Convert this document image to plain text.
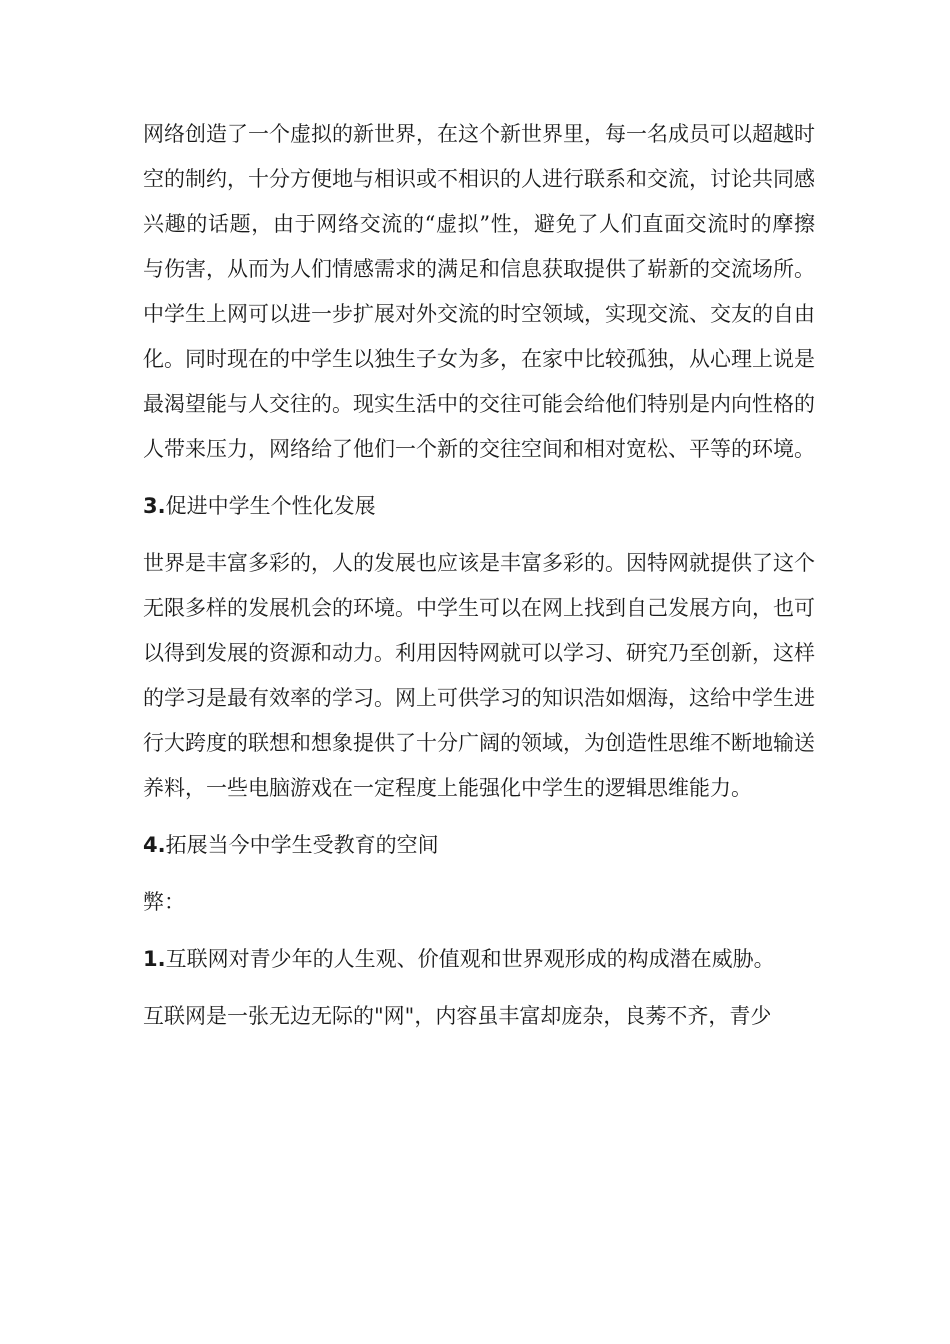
网络创造了一个虚拟的新世界，在这个新世界里，每一名成员可以超越时空的制约，十分方便地与相识或不相识的人进行联系和交流，讨论共同感兴趣的话题，由于网络交流的“虚拟”性，避免了人们直面交流时的摩擦与伤害，从而为人们情感需求的满足和信息获取提供了崭新的交流场所。中学生上网可以进一步扩展对外交流的时空领域，实现交流、交友的自由化。同时现在的中学生以独生子女为多，在家中比较孤独，从心理上说是最渴望能与人交往的。现实生活中的交往可能会给他们特别是内向性格的人带来压力，网络给了他们一个新的交往空间和相对宽松、平等的环境。

3.促进中学生个性化发展

世界是丰富多彩的，人的发展也应该是丰富多彩的。因特网就提供了这个无限多样的发展机会的环境。中学生可以在网上找到自己发展方向，也可以得到发展的资源和动力。利用因特网就可以学习、研究乃至创新，这样的学习是最有效率的学习。网上可供学习的知识浩如烟海，这给中学生进行大跨度的联想和想象提供了十分广阔的领域，为创造性思维不断地输送养料，一些电脑游戏在一定程度上能强化中学生的逻辑思维能力。

4.拓展当今中学生受教育的空间

弊：

1.互联网对青少年的人生观、价值观和世界观形成的构成潜在威胁。

互联网是一张无边无际的"网"，内容虽丰富却庞杂，良莠不齐，青少
